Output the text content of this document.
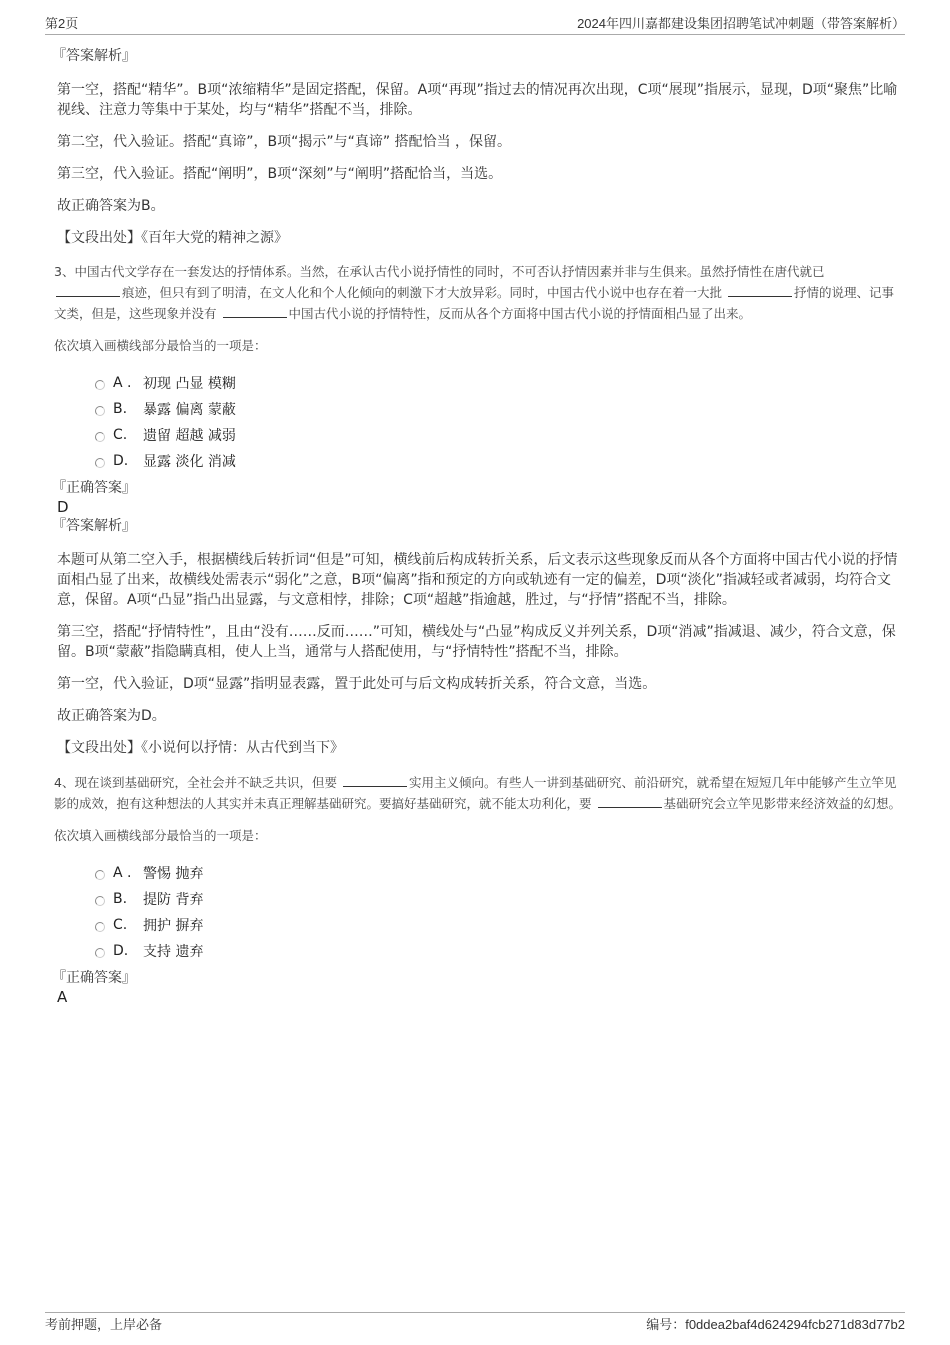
第2页	2024年四川嘉都建设集团招聘笔试冲刺题（带答案解析）
『答案解析』

第一空，搭配“精华”。B项“浓缩精华”是固定搭配，保留。A项“再现”指过去的情况再次出现，C项“展现”指展示，显现，D项“聚焦”比喻视线、注意力等集中于某处，均与“精华”搭配不当，排除。

第二空，代入验证。搭配“真谛”，B项“揭示”与“真谛” 搭配恰当 ，保留。

第三空，代入验证。搭配“阐明”，B项“深刻”与“阐明”搭配恰当，当选。

故正确答案为B。

【文段出处】《百年大党的精神之源》

3、中国古代文学存在一套发达的抒情体系。当然，在承认古代小说抒情性的同时，不可否认抒情因素并非与生俱来。虽然抒情性在唐代就已
痕迹，但只有到了明清，在文人化和个人化倾向的刺激下才大放异彩。同时，中国古代小说中也存在着一大批	抒情的说理、记事文类，但是，这些现象并没有	中国古代小说的抒情特性，反而从各个方面将中国古代小说的抒情面相凸显了出来。
依次填入画横线部分最恰当的一项是：
A . 初现 凸显 模糊
B.	暴露 偏离 蒙蔽
C.	遗留 超越 减弱
D.	显露 淡化 消减
『正确答案』
D
『答案解析』

本题可从第二空入手，根据横线后转折词“但是”可知，横线前后构成转折关系，后文表示这些现象反而从各个方面将中国古代小说的抒情面相凸显了出来，故横线处需表示“弱化”之意，B项“偏离”指和预定的方向或轨迹有一定的偏差，D项“淡化”指减轻或者减弱，均符合文意，保留。A项“凸显”指凸出显露，与文意相悖，排除；C项“超越”指逾越，胜过，与“抒情”搭配不当，排除。

第三空，搭配“抒情特性”，且由“没有……反而……”可知，横线处与“凸显”构成反义并列关系，D项“消减”指减退、减少，符合文意，保留。B项“蒙蔽”指隐瞒真相，使人上当，通常与人搭配使用，与“抒情特性”搭配不当，排除。

第一空，代入验证，D项“显露”指明显表露，置于此处可与后文构成转折关系，符合文意，当选。

故正确答案为D。

【文段出处】《小说何以抒情：从古代到当下》

4、现在谈到基础研究，全社会并不缺乏共识，但要	实用主义倾向。有些人一讲到基础研究、前沿研究，就希望在短短几年中能够产生立竿见影的成效，抱有这种想法的人其实并未真正理解基础研究。要搞好基础研究，就不能太功利化，要	基础研究会立竿见影带来经济效益的幻想。
依次填入画横线部分最恰当的一项是：
A . 警惕 抛弃
B.	提防 背弃
C.	拥护 摒弃
D.	支持 遗弃
『正确答案』
A
考前押题，上岸必备	编号：f0ddea2baf4d624294fcb271d83d77b2
